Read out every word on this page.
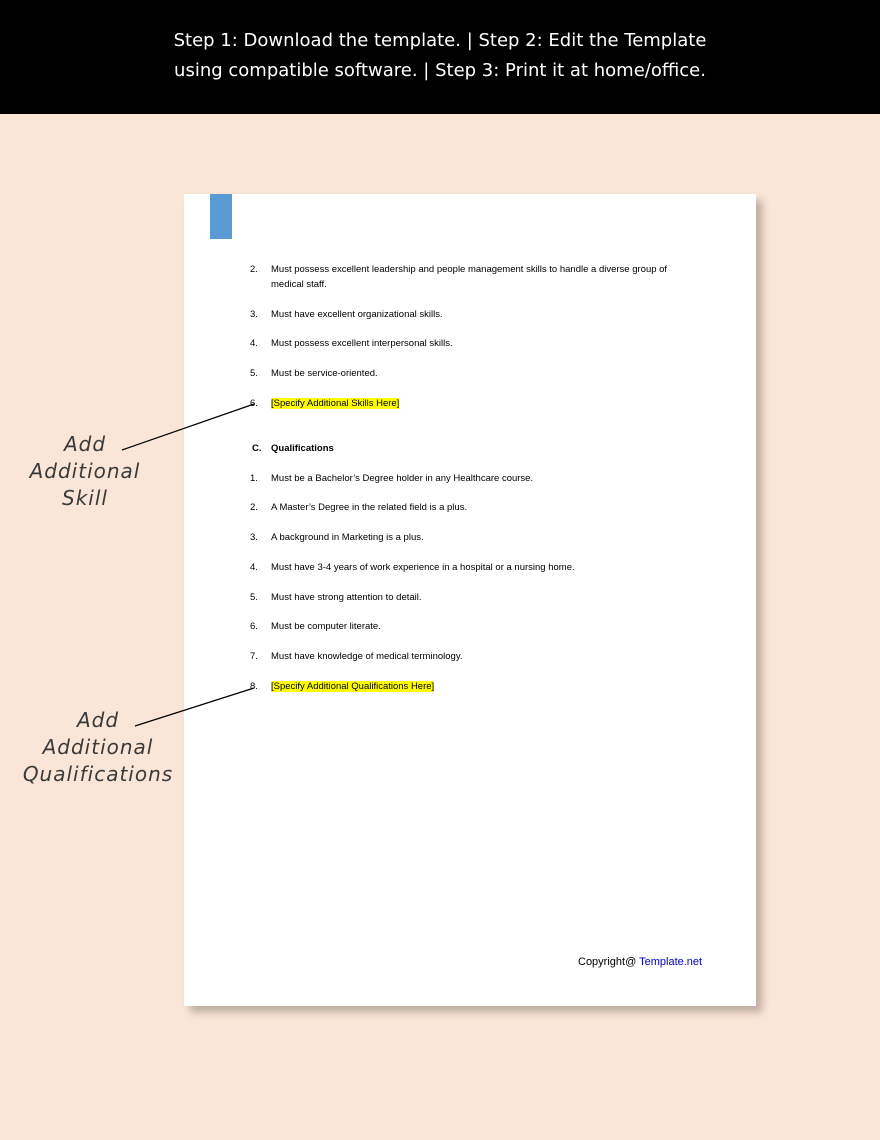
Step 1: Download the template. | Step 2: Edit the Template
using compatible software. | Step 3: Print it at home/office.
2.	Must possess excellent leadership and people management skills to handle a diverse group of medical staff.
3.	Must have excellent organizational skills.
4.	Must possess excellent interpersonal skills.
5.	Must be service-oriented.
6.	[Specify Additional Skills Here]
C. Qualifications
1.	Must be a Bachelor’s Degree holder in any Healthcare course.
2.	A Master’s Degree in the related field is a plus.
3.	A background in Marketing is a plus.
4.	Must have 3-4 years of work experience in a hospital or a nursing home.
5.	Must have strong attention to detail.
6.	Must be computer literate.
7.	Must have knowledge of medical terminology.
8.	[Specify Additional Qualifications Here]
Copyright@ Template.net
Add
Additional
Skill
Add
Additional
Qualifications
